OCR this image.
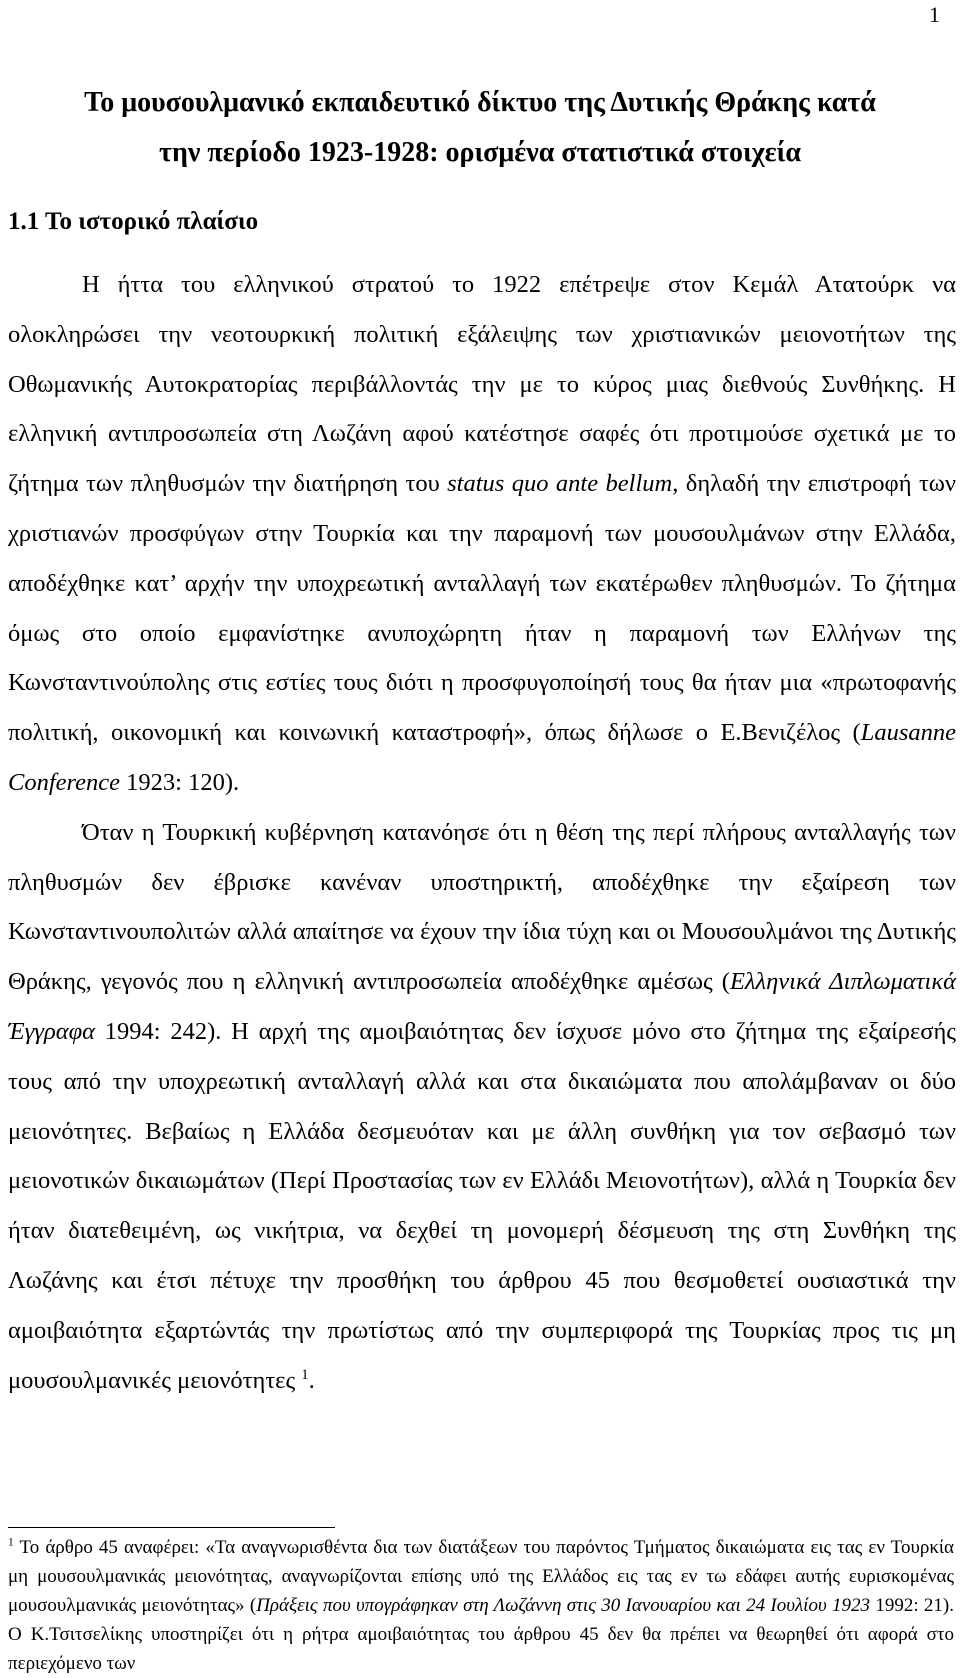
1
Το μουσουλμανικό εκπαιδευτικό δίκτυο της Δυτικής Θράκης κατά
την περίοδο 1923-1928: ορισμένα στατιστικά στοιχεία
1.1 Το ιστορικό πλαίσιο

Η ήττα του ελληνικού στρατού το 1922 επέτρεψε στον Κεμάλ Ατατούρκ να ολοκληρώσει την νεοτουρκική πολιτική εξάλειψης των χριστιανικών μειονοτήτων της Οθωμανικής Αυτοκρατορίας περιβάλλοντάς την με το κύρος μιας διεθνούς Συνθήκης. Η ελληνική αντιπροσωπεία στη Λωζάνη αφού κατέστησε σαφές ότι προτιμούσε σχετικά με το ζήτημα των πληθυσμών την διατήρηση του status quo ante bellum, δηλαδή την επιστροφή των χριστιανών προσφύγων στην Τουρκία και την παραμονή των μουσουλμάνων στην Ελλάδα, αποδέχθηκε κατ’ αρχήν την υποχρεωτική ανταλλαγή των εκατέρωθεν πληθυσμών. Το ζήτημα όμως στο οποίο εμφανίστηκε ανυποχώρητη ήταν η παραμονή των Ελλήνων της Κωνσταντινούπολης στις εστίες τους διότι η προσφυγοποίησή τους θα ήταν μια «πρωτοφανής πολιτική, οικονομική και κοινωνική καταστροφή», όπως δήλωσε ο Ε.Βενιζέλος (Lausanne Conference 1923: 120).

Όταν η Τουρκική κυβέρνηση κατανόησε ότι η θέση της περί πλήρους ανταλλαγής των πληθυσμών δεν έβρισκε κανέναν υποστηρικτή, αποδέχθηκε την εξαίρεση των Κωνσταντινουπολιτών αλλά απαίτησε να έχουν την ίδια τύχη και οι Μουσουλμάνοι της Δυτικής Θράκης, γεγονός που η ελληνική αντιπροσωπεία αποδέχθηκε αμέσως (Ελληνικά Διπλωματικά Έγγραφα 1994: 242). Η αρχή της αμοιβαιότητας δεν ίσχυσε μόνο στο ζήτημα της εξαίρεσής τους από την υποχρεωτική ανταλλαγή αλλά και στα δικαιώματα που απολάμβαναν οι δύο μειονότητες. Βεβαίως η Ελλάδα δεσμευόταν και με άλλη συνθήκη για τον σεβασμό των μειονοτικών δικαιωμάτων (Περί Προστασίας των εν Ελλάδι Μειονοτήτων), αλλά η Τουρκία δεν ήταν διατεθειμένη, ως νικήτρια, να δεχθεί τη μονομερή δέσμευση της στη Συνθήκη της Λωζάνης και έτσι πέτυχε την προσθήκη του άρθρου 45 που θεσμοθετεί ουσιαστικά την αμοιβαιότητα εξαρτώντάς την πρωτίστως από την συμπεριφορά της Τουρκίας προς τις μη μουσουλμανικές μειονότητες $^1$.

$^1$ Το άρθρο 45 αναφέρει: «Τα αναγνωρισθέντα δια των διατάξεων του παρόντος Τμήματος δικαιώματα εις τας εν Τουρκία μη μουσουλμανικάς μειονότητας, αναγνωρίζονται επίσης υπό της Ελλάδος εις τας εν τω εδάφει αυτής ευρισκομένας μουσουλμανικάς μειονότητας» (Πράξεις που υπογράφηκαν στη Λωζάννη στις 30 Ιανουαρίου και 24 Ιουλίου 1923 1992: 21). Ο Κ.Τσιτσελίκης υποστηρίζει ότι η ρήτρα αμοιβαιότητας του άρθρου 45 δεν θα πρέπει να θεωρηθεί ότι αφορά στο περιεχόμενο των
